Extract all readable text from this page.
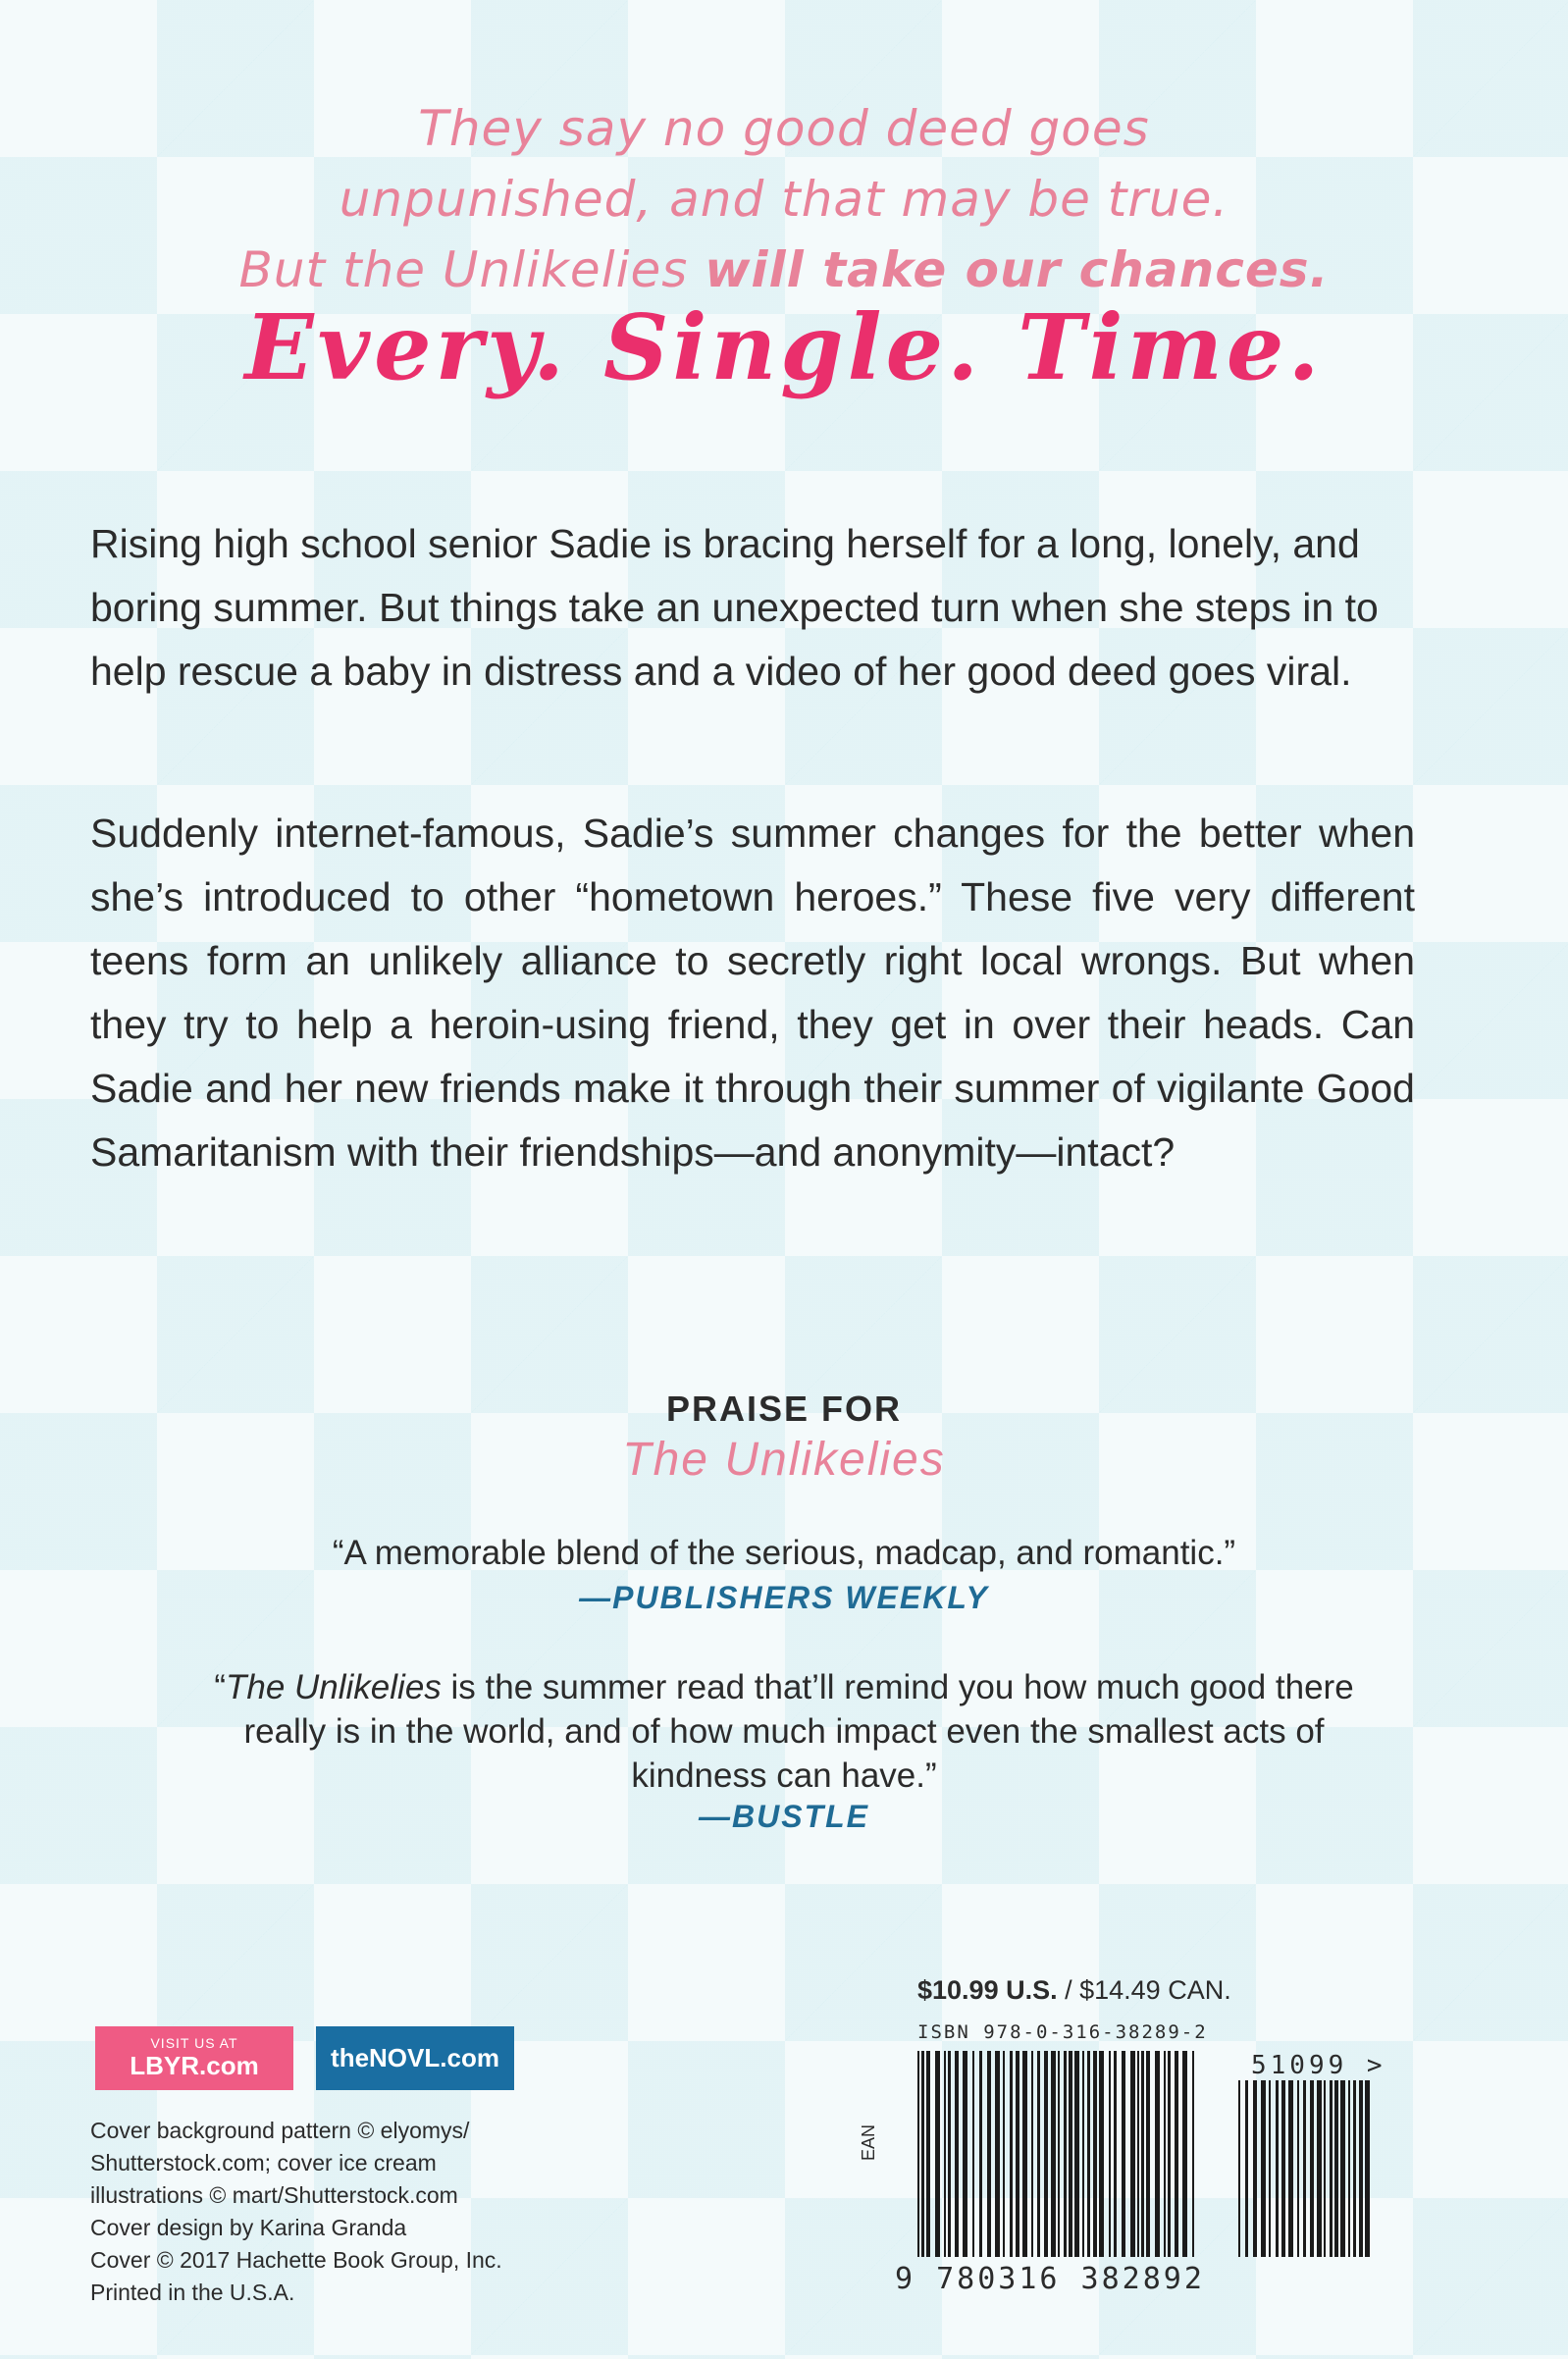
They say no good deed goes
unpunished, and that may be true.
But the Unlikelies will take our chances.
Every. Single. Time.

Rising high school senior Sadie is bracing herself for a long, lonely, and boring summer. But things take an unexpected turn when she steps in to help rescue a baby in distress and a video of her good deed goes viral.

Suddenly internet-famous, Sadie’s summer changes for the better when she’s introduced to other “hometown heroes.” These five very different teens form an unlikely alliance to secretly right local wrongs. But when they try to help a heroin-using friend, they get in over their heads. Can Sadie and her new friends make it through their summer of vigilante Good Samaritanism with their friendships—and anonymity—intact?

PRAISE FOR
The Unlikelies
“A memorable blend of the serious, madcap, and romantic.”
—PUBLISHERS WEEKLY
“The Unlikelies is the summer read that’ll remind you how much good there really is in the world, and of how much impact even the smallest acts of kindness can have.”
—BUSTLE
VISIT US AT
LBYR.com	theNOVL.com
Cover background pattern © elyomys/
Shutterstock.com; cover ice cream
illustrations © mart/Shutterstock.com
Cover design by Karina Granda
Cover © 2017 Hachette Book Group, Inc.
Printed in the U.S.A.
$10.99 U.S. / $14.49 CAN.
ISBN 978-0-316-38289-2
EAN
9 780316 382892
51099 >
